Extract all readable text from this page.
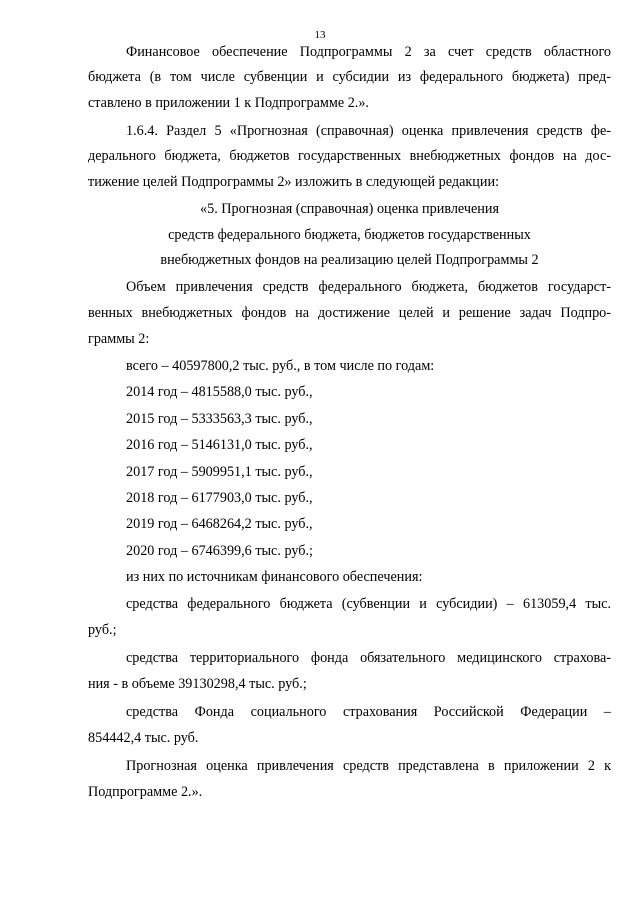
13
Финансовое обеспечение Подпрограммы 2 за счет средств областного
бюджета (в том числе субвенции и субсидии из федерального бюджета) пред-
ставлено в приложении 1 к Подпрограмме 2.».
1.6.4. Раздел 5 «Прогнозная (справочная) оценка привлечения средств фе-
дерального бюджета, бюджетов государственных внебюджетных фондов на дос-
тижение целей Подпрограммы 2» изложить в следующей редакции:
«5. Прогнозная (справочная) оценка привлечения
средств федерального бюджета, бюджетов государственных
внебюджетных фондов на реализацию целей Подпрограммы 2
Объем привлечения средств федерального бюджета, бюджетов государст-
венных внебюджетных фондов на достижение целей и решение задач Подпро-
граммы 2:
всего – 40597800,2 тыс. руб., в том числе по годам:
2014 год – 4815588,0 тыс. руб.,
2015 год – 5333563,3 тыс. руб.,
2016 год – 5146131,0 тыс. руб.,
2017 год – 5909951,1 тыс. руб.,
2018 год – 6177903,0 тыс. руб.,
2019 год – 6468264,2 тыс. руб.,
2020 год – 6746399,6 тыс. руб.;
из них по источникам финансового обеспечения:
средства федерального бюджета (субвенции и субсидии) – 613059,4 тыс.
руб.;
средства территориального фонда обязательного медицинского страхова-
ния - в объеме 39130298,4 тыс. руб.;
средства Фонда социального страхования Российской Федерации –
854442,4 тыс. руб.
Прогнозная оценка привлечения средств представлена в приложении 2 к
Подпрограмме 2.».
